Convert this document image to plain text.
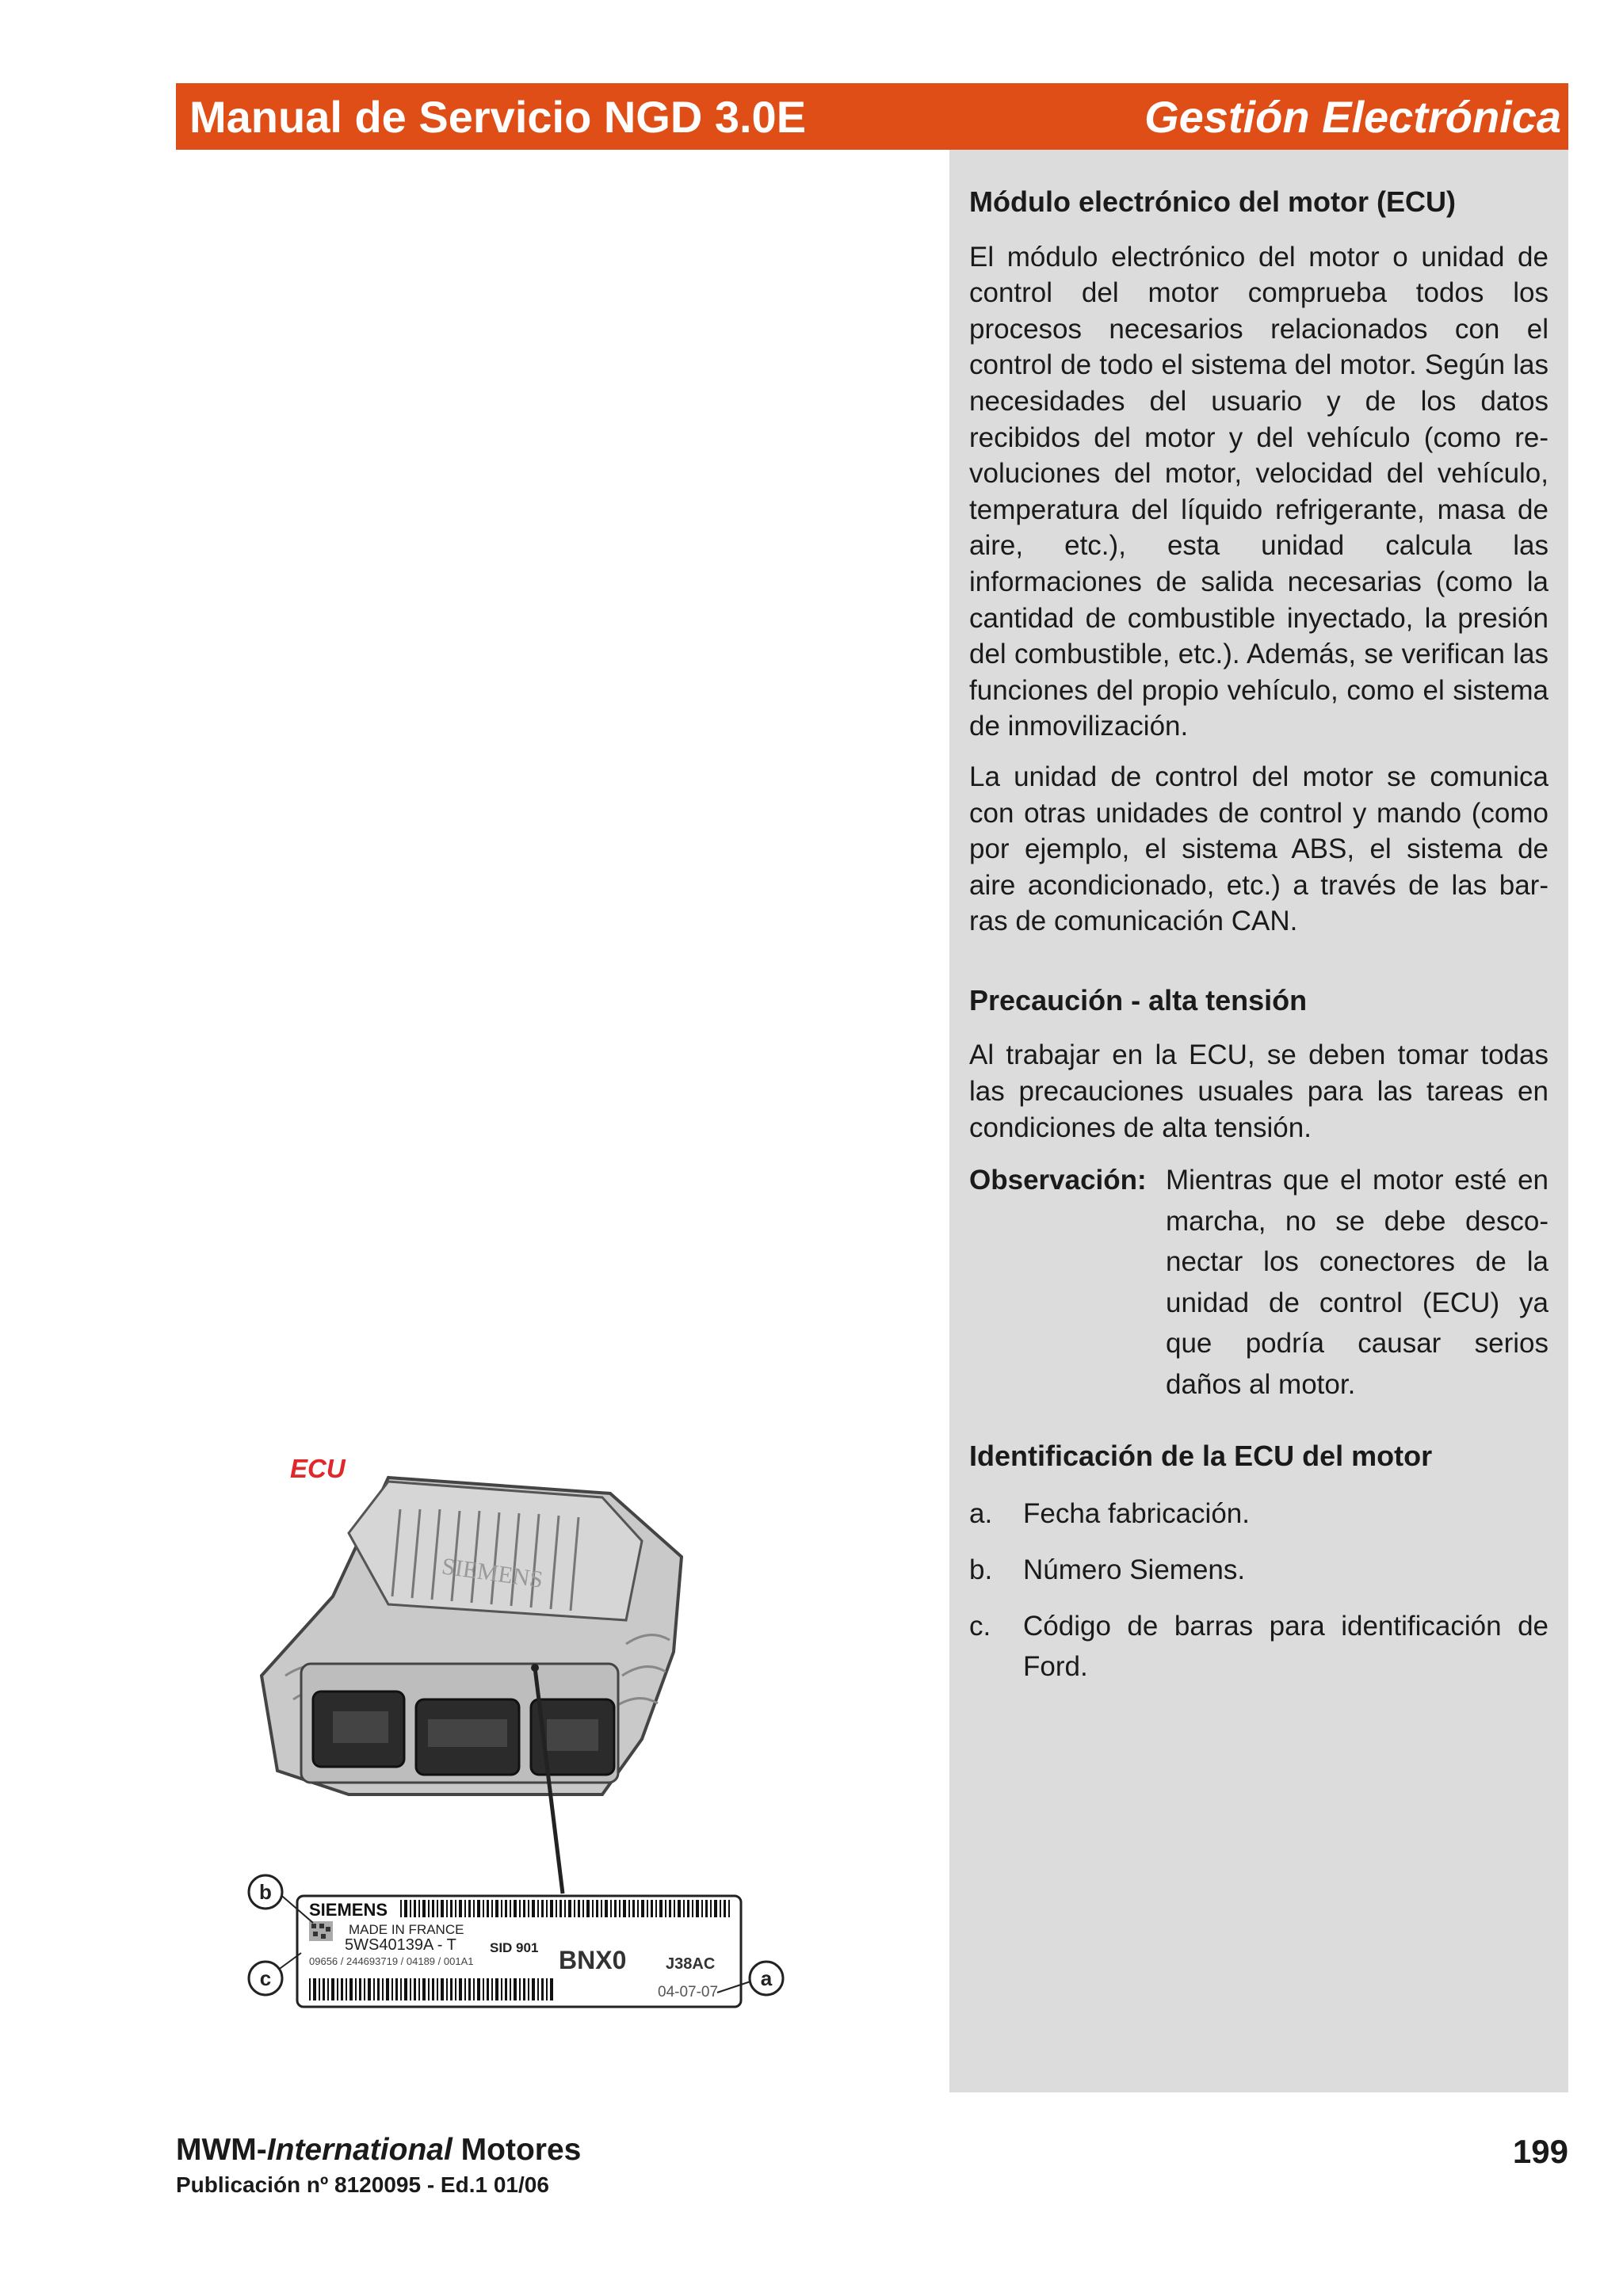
Manual de Servicio NGD 3.0E	Gestión Electrónica
Módulo electrónico del motor (ECU)

El módulo electrónico del motor o unidad de control del motor comprueba todos los procesos necesarios relacionados con el control de todo el sistema del motor. Según las necesidades del usuario y de los datos recibidos del motor y del vehículo (como re-voluciones del motor, velocidad del vehículo, temperatura del líquido refrigerante, masa de aire, etc.), esta unidad calcula las informaciones de salida necesarias (como la cantidad de combustible inyectado, la presión del combustible, etc.). Además, se verifican las funciones del propio vehículo, como el sistema de inmovilización.

La unidad de control del motor se comunica con otras unidades de control y mando (como por ejemplo, el sistema ABS, el sistema de aire acondicionado, etc.) a través de las bar-ras de comunicación CAN.

Precaución - alta tensión

Al trabajar en la ECU, se deben tomar todas las precauciones usuales para las tareas en condiciones de alta tensión.

Observación: Mientras que el motor esté en marcha, no se debe desco-nectar los conectores de la unidad de control (ECU) ya que podría causar serios daños al motor.
Identificación de la ECU del motor
a. Fecha fabricación.
b. Número Siemens.
c. Código de barras para identificación de Ford.
ECU
SIEMENS
SIEMENS
MADE IN FRANCE
5WS40139A - T SID 901
09656 / 244693719 / 04189 / 001A1	BNX0 J38AC
04-07-07
b
c	a
MWM-International Motores
Publicación nº 8120095 - Ed.1 01/06
199
